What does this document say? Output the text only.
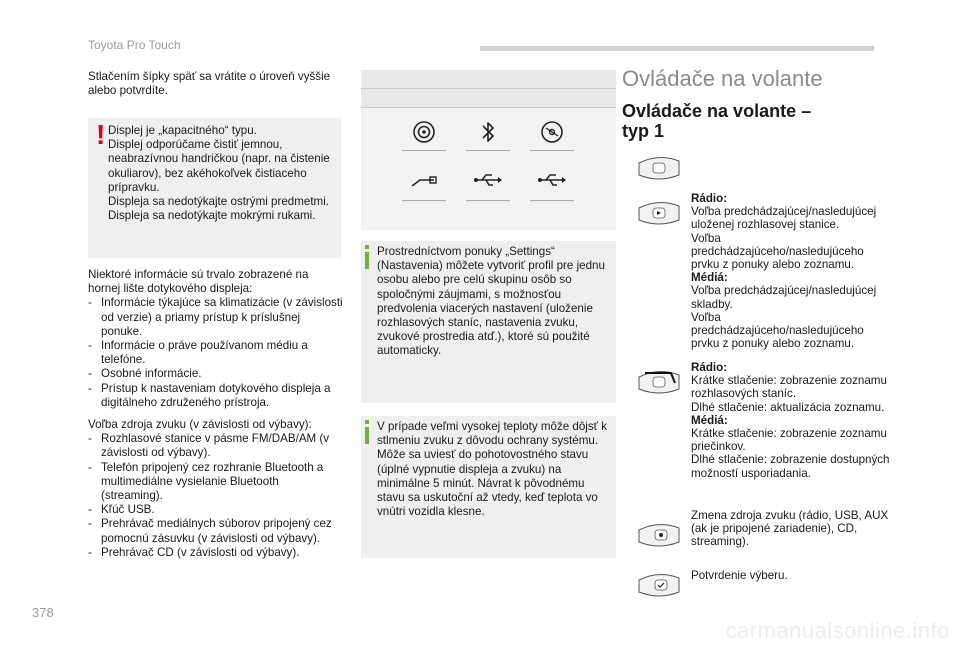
Toyota Pro Touch
Stlačením šípky späť sa vrátite o úroveň vyššie alebo potvrdíte.
! Displej je „kapacitného“ typu.
Displej odporúčame čistiť jemnou, neabrazívnou handričkou (napr. na čistenie okuliarov), bez akéhokoľvek čistiaceho prípravku.
Displeja sa nedotýkajte ostrými predmetmi.
Displeja sa nedotýkajte mokrými rukami.
Niektoré informácie sú trvalo zobrazené na hornej lište dotykového displeja:
- Informácie týkajúce sa klimatizácie (v závislosti od verzie) a priamy prístup k príslušnej ponuke.
- Informácie o práve používanom médiu a telefóne.
- Osobné informácie.
- Prístup k nastaveniam dotykového displeja a digitálneho združeného prístroja.
Voľba zdroja zvuku (v závislosti od výbavy):
- Rozhlasové stanice v pásme FM/DAB/AM (v závislosti od výbavy).
- Telefón pripojený cez rozhranie Bluetooth a multimediálne vysielanie Bluetooth (streaming).
- Kľúč USB.
- Prehrávač mediálnych súborov pripojený cez pomocnú zásuvku (v závislosti od výbavy).
- Prehrávač CD (v závislosti od výbavy).
Prostredníctvom ponuky „Settings“ (Nastavenia) môžete vytvoriť profil pre jednu osobu alebo pre celú skupinu osôb so spoločnými záujmami, s možnosťou predvolenia viacerých nastavení (uloženie rozhlasových staníc, nastavenia zvuku, zvukové prostredia atď.), ktoré sú použité automaticky.
V prípade veľmi vysokej teploty môže dôjsť k stlmeniu zvuku z dôvodu ochrany systému. Môže sa uviesť do pohotovostného stavu (úplné vypnutie displeja a zvuku) na minimálne 5 minút. Návrat k pôvodnému stavu sa uskutoční až vtedy, keď teplota vo vnútri vozidla klesne.
Ovládače na volante
Ovládače na volante – typ 1
Rádio:
Voľba predchádzajúcej/nasledujúcej uloženej rozhlasovej stanice.
Voľba predchádzajúceho/nasledujúceho prvku z ponuky alebo zoznamu.
Médiá:
Voľba predchádzajúcej/nasledujúcej skladby.
Voľba predchádzajúceho/nasledujúceho prvku z ponuky alebo zoznamu.
Rádio:
Krátke stlačenie: zobrazenie zoznamu rozhlasových staníc.
Dlhé stlačenie: aktualizácia zoznamu.
Médiá:
Krátke stlačenie: zobrazenie zoznamu priečinkov.
Dlhé stlačenie: zobrazenie dostupných možností usporiadania.
Zmena zdroja zvuku (rádio, USB, AUX (ak je pripojené zariadenie), CD, streaming).
Potvrdenie výberu.
378
carmanualsonline.info
